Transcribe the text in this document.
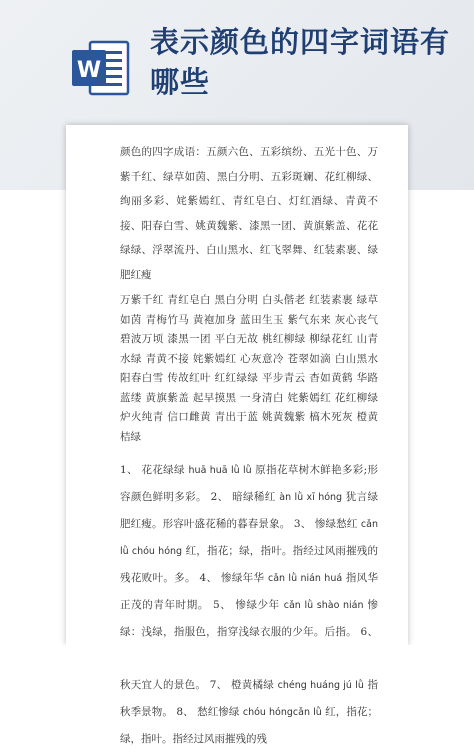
W
表示颜色的四字词语有哪些

颜色的四字成语：五颜六色、五彩缤纷、五光十色、万紫千红、绿草如茵、黑白分明、五彩斑斓、花红柳绿、绚丽多彩、姹紫嫣红、青红皂白、灯红酒绿、青黄不接、阳春白雪、姚黄魏紫、漆黑一团、黄旗紫盖、花花绿绿、浮翠流丹、白山黑水、红飞翠舞、红装素裹、绿肥红瘦

万紫千红 青红皂白 黑白分明 白头偕老 红装素裹 绿草如茵 青梅竹马 黄袍加身 蓝田生玉 紫气东来 灰心丧气 碧波万顷 漆黑一团 平白无故 桃红柳绿 柳绿花红 山青水绿 青黄不接 姹紫嫣红 心灰意冷 苍翠如滴 白山黑水 阳春白雪 传故红叶 红红绿绿 平步青云 杳如黄鹤 华路蓝缕 黄旗紫盖 起早摸黑 一身清白 姹紫嫣红 花红柳绿 炉火纯青 信口雌黄 青出于蓝 姚黄魏紫 槁木死灰 橙黄桔绿

1、 花花绿绿 huā huā lǜ lǜ 原指花草树木鲜艳多彩;形容颜色鲜明多彩。 2、 暗绿稀红 àn lǜ xī hóng 犹言绿肥红瘦。形容叶盛花稀的暮春景象。 3、 惨绿愁红 cǎn lǜ chóu hóng 红，指花；绿，指叶。指经过风雨摧残的残花败叶。多。 4、 惨绿年华 cǎn lǜ nián huá 指风华正茂的青年时期。 5、 惨绿少年 cǎn lǜ shào nián 惨绿：浅绿，指服色，指穿浅绿衣服的少年。后指。 6、 秋天宜人的景色。 7、 橙黄橘绿 chéng huáng jú lǜ 指秋季景物。 8、 愁红惨绿 chóu hóngcǎn lǜ 红，指花；绿，指叶。指经过风雨摧残的残
